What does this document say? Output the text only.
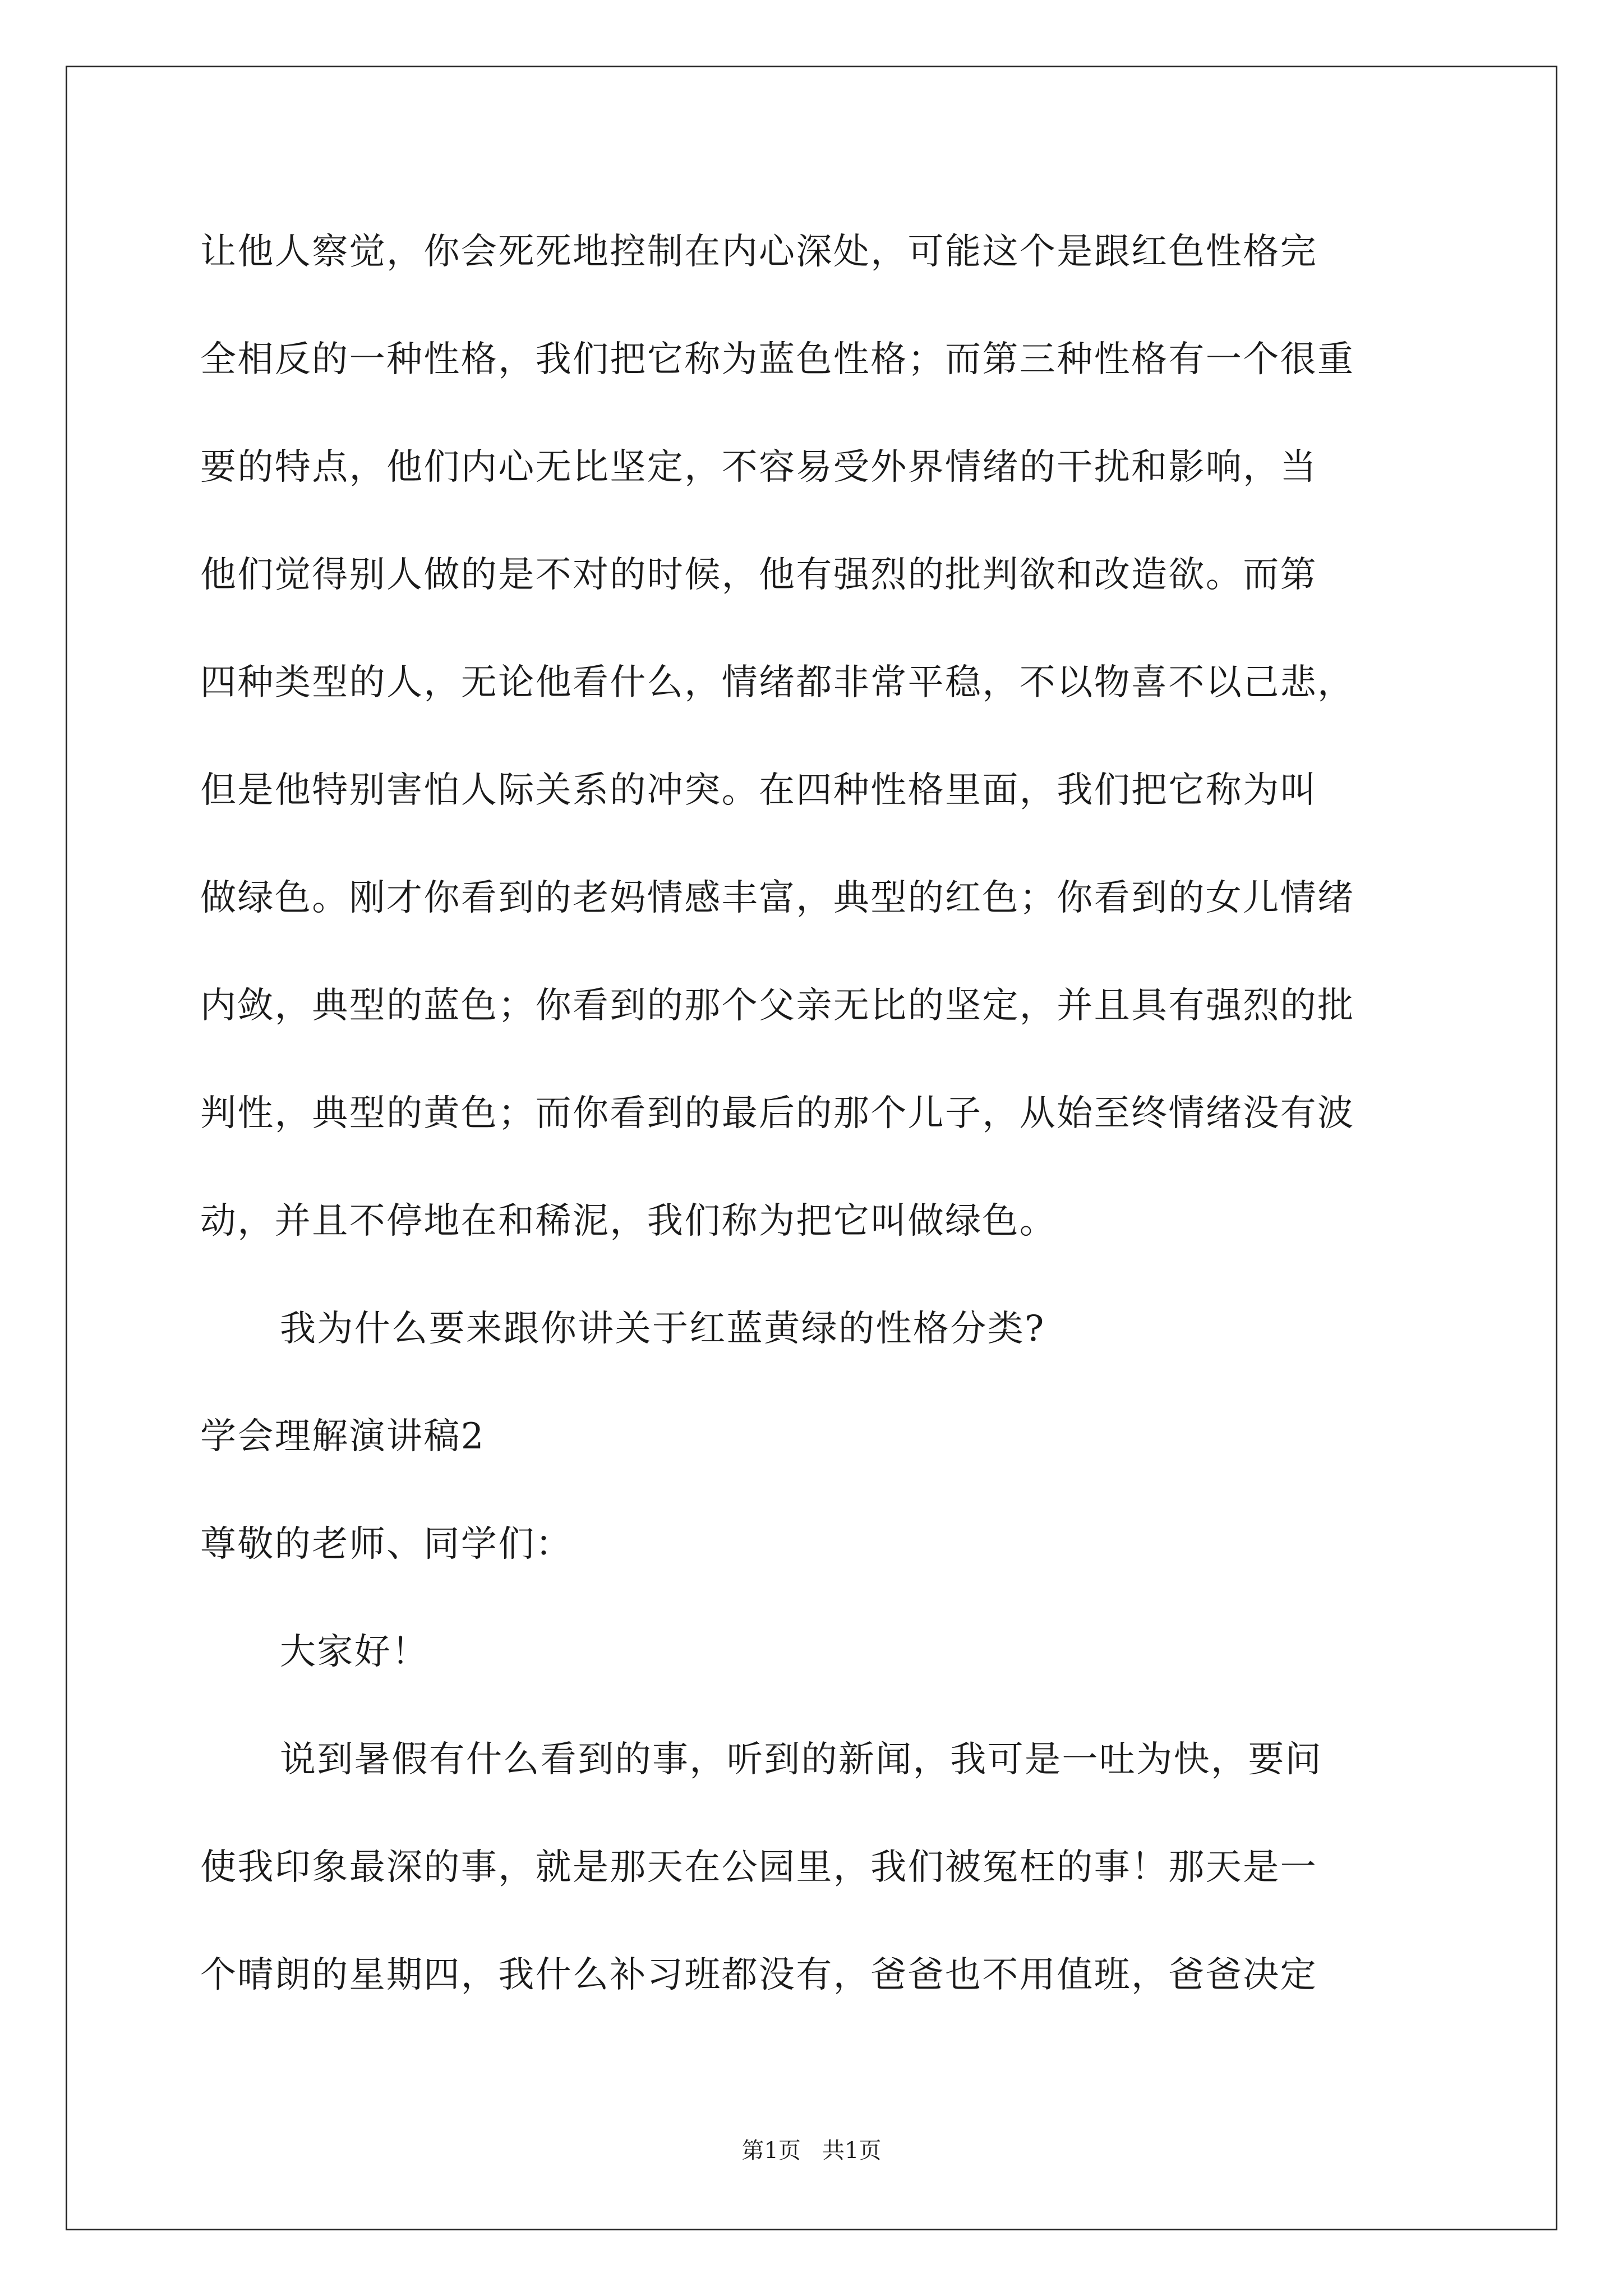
让他人察觉，你会死死地控制在内心深处，可能这个是跟红色性格完
全相反的一种性格，我们把它称为蓝色性格；而第三种性格有一个很重
要的特点，他们内心无比坚定，不容易受外界情绪的干扰和影响，当
他们觉得别人做的是不对的时候，他有强烈的批判欲和改造欲。而第
四种类型的人，无论他看什么，情绪都非常平稳，不以物喜不以己悲，
但是他特别害怕人际关系的冲突。在四种性格里面，我们把它称为叫
做绿色。刚才你看到的老妈情感丰富，典型的红色；你看到的女儿情绪
内敛，典型的蓝色；你看到的那个父亲无比的坚定，并且具有强烈的批
判性，典型的黄色；而你看到的最后的那个儿子，从始至终情绪没有波
动，并且不停地在和稀泥，我们称为把它叫做绿色。
我为什么要来跟你讲关于红蓝黄绿的性格分类?
学会理解演讲稿2
尊敬的老师、同学们：
大家好！
说到暑假有什么看到的事，听到的新闻，我可是一吐为快，要问
使我印象最深的事，就是那天在公园里，我们被冤枉的事！那天是一
个晴朗的星期四，我什么补习班都没有，爸爸也不用值班，爸爸决定
第1页   共1页
